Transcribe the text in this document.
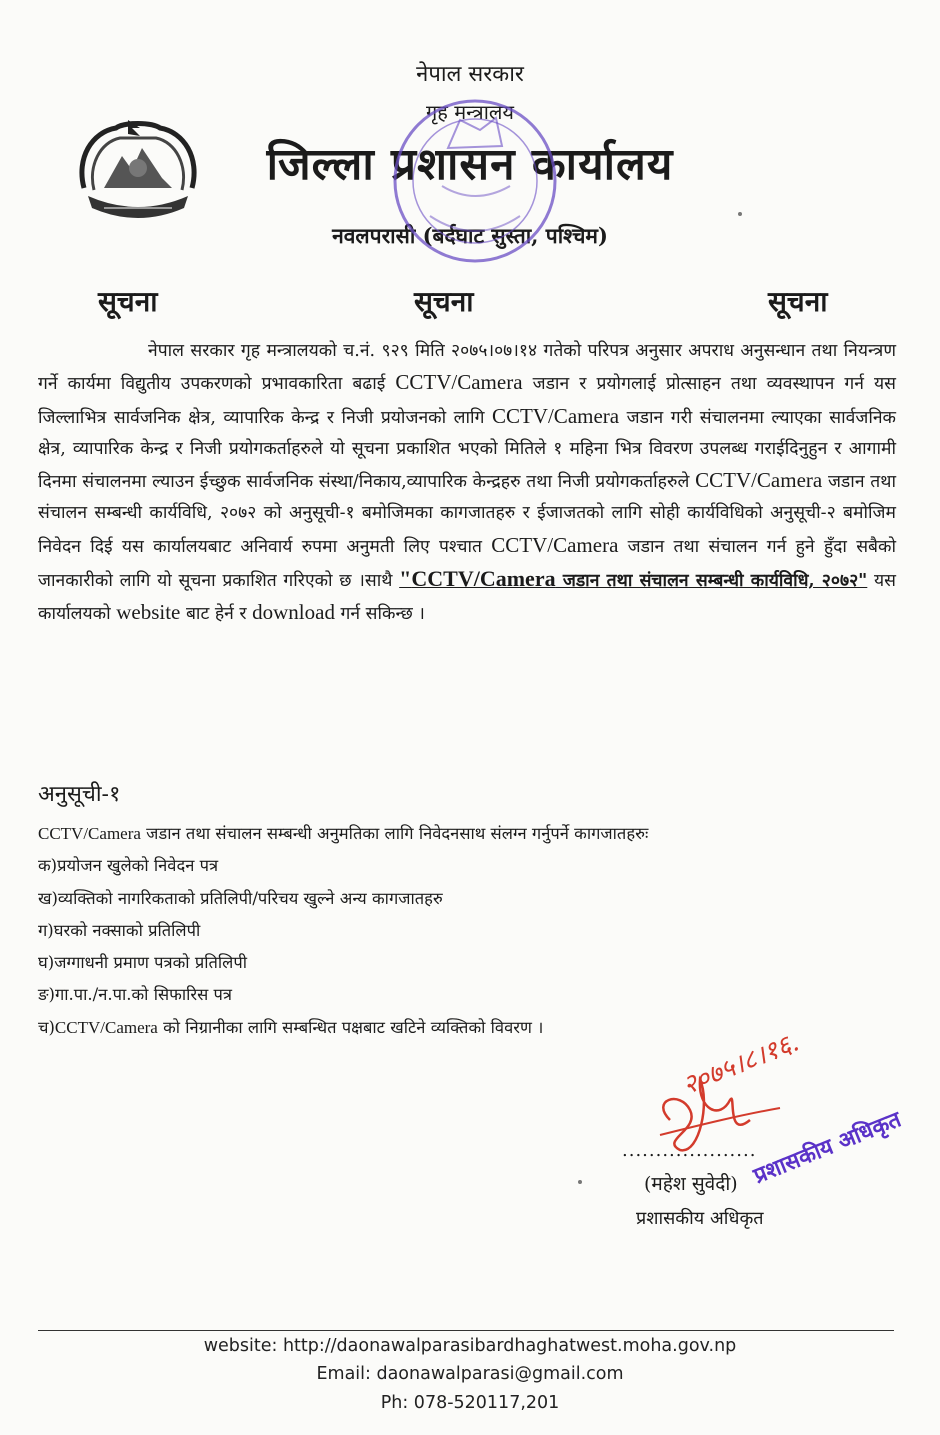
नेपाल सरकार
गृह मन्त्रालय
जिल्ला प्रशासन कार्यालय
नवलपरासी (बर्दघाट सुस्ता, पश्चिम)
सूचना	सूचना	सूचना
नेपाल सरकार गृह मन्त्रालयको च.नं. ९२९ मिति २०७५।०७।१४ गतेको परिपत्र अनुसार अपराध अनुसन्धान तथा नियन्त्रण गर्ने कार्यमा विद्युतीय उपकरणको प्रभावकारिता बढाई CCTV/Camera जडान र प्रयोगलाई प्रोत्साहन तथा व्यवस्थापन गर्न यस जिल्लाभित्र सार्वजनिक क्षेत्र, व्यापारिक केन्द्र र निजी प्रयोजनको लागि CCTV/Camera जडान गरी संचालनमा ल्याएका सार्वजनिक क्षेत्र, व्यापारिक केन्द्र र निजी प्रयोगकर्ताहरुले यो सूचना प्रकाशित भएको मितिले १ महिना भित्र विवरण उपलब्ध गराईदिनुहुन र आगामी दिनमा संचालनमा ल्याउन ईच्छुक सार्वजनिक संस्था/निकाय,व्यापारिक केन्द्रहरु तथा निजी प्रयोगकर्ताहरुले CCTV/Camera जडान तथा संचालन सम्बन्धी कार्यविधि, २०७२ को अनुसूची-१ बमोजिमका कागजातहरु र ईजाजतको लागि सोही कार्यविधिको अनुसूची-२ बमोजिम निवेदन दिई यस कार्यालयबाट अनिवार्य रुपमा अनुमती लिए पश्चात CCTV/Camera जडान तथा संचालन गर्न हुने हुँदा सबैको जानकारीको लागि यो सूचना प्रकाशित गरिएको छ ।साथै "CCTV/Camera जडान तथा संचालन सम्बन्धी कार्यविधि, २०७२" यस कार्यालयको website बाट हेर्न र download गर्न सकिन्छ ।
अनुसूची-१
CCTV/Camera जडान तथा संचालन सम्बन्धी अनुमतिका लागि निवेदनसाथ संलग्न गर्नुपर्ने कागजातहरुः
क)प्रयोजन खुलेको निवेदन पत्र
ख)व्यक्तिको नागरिकताको प्रतिलिपी/परिचय खुल्ने अन्य कागजातहरु
ग)घरको नक्साको प्रतिलिपी
घ)जग्गाधनी प्रमाण पत्रको प्रतिलिपी
ङ)गा.पा./न.पा.को सिफारिस पत्र
च)CCTV/Camera को निग्रानीका लागि सम्बन्धित पक्षबाट खटिने व्यक्तिको विवरण ।
२०७५।८।१६.
....................
(महेश सुवेदी)
प्रशासकीय अधिकृत
प्रशासकीय अधिकृत
website: http://daonawalparasibardhaghatwest.moha.gov.np
Email: daonawalparasi@gmail.com
Ph: 078-520117,201
